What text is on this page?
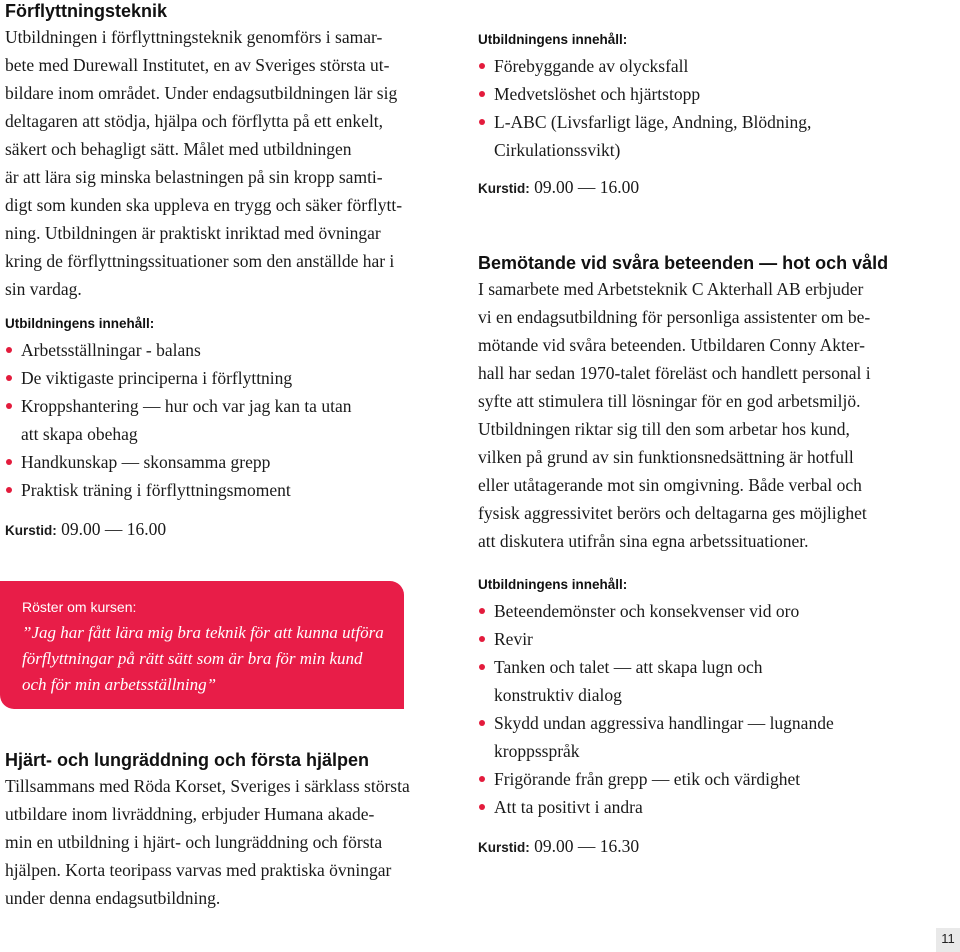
Förflyttningsteknik

Utbildningen i förflyttningsteknik genomförs i samar-
bete med Durewall Institutet, en av Sveriges största ut-
bildare inom området. Under endagsutbildningen lär sig
deltagaren att stödja, hjälpa och förflytta på ett enkelt,
säkert och behagligt sätt. Målet med utbildningen
är att lära sig minska belastningen på sin kropp samti-
digt som kunden ska uppleva en trygg och säker förflytt-
ning. Utbildningen är praktiskt inriktad med övningar
kring de förflyttningssituationer som den anställde har i
sin vardag.

Utbildningens innehåll:
Arbetsställningar - balans
De viktigaste principerna i förflyttning
Kroppshantering — hur och var jag kan ta utan
att skapa obehag
Handkunskap — skonsamma grepp
Praktisk träning i förflyttningsmoment

Kurstid: 09.00 — 16.00

Röster om kursen:
”Jag har fått lära mig bra teknik för att kunna utföra
förflyttningar på rätt sätt som är bra för min kund
och för min arbetsställning”
Hjärt- och lungräddning och första hjälpen

Tillsammans med Röda Korset, Sveriges i särklass största
utbildare inom livräddning, erbjuder Humana akade-
min en utbildning i hjärt- och lungräddning och första
hjälpen. Korta teoripass varvas med praktiska övningar
under denna endagsutbildning.

Utbildningens innehåll:
Förebyggande av olycksfall
Medvetslöshet och hjärtstopp
L-ABC (Livsfarligt läge, Andning, Blödning,
Cirkulationssvikt)

Kurstid: 09.00 — 16.00

Bemötande vid svåra beteenden — hot och våld

I samarbete med Arbetsteknik C Akterhall AB erbjuder
vi en endagsutbildning för personliga assistenter om be-
mötande vid svåra beteenden. Utbildaren Conny Akter-
hall har sedan 1970-talet föreläst och handlett personal i
syfte att stimulera till lösningar för en god arbetsmiljö.
Utbildningen riktar sig till den som arbetar hos kund,
vilken på grund av sin funktionsnedsättning är hotfull
eller utåtagerande mot sin omgivning. Både verbal och
fysisk aggressivitet berörs och deltagarna ges möjlighet
att diskutera utifrån sina egna arbetssituationer.

Utbildningens innehåll:
Beteendemönster och konsekvenser vid oro
Revir
Tanken och talet — att skapa lugn och
konstruktiv dialog
Skydd undan aggressiva handlingar — lugnande
kroppsspråk
Frigörande från grepp — etik och värdighet
Att ta positivt i andra

Kurstid: 09.00 — 16.30

11
